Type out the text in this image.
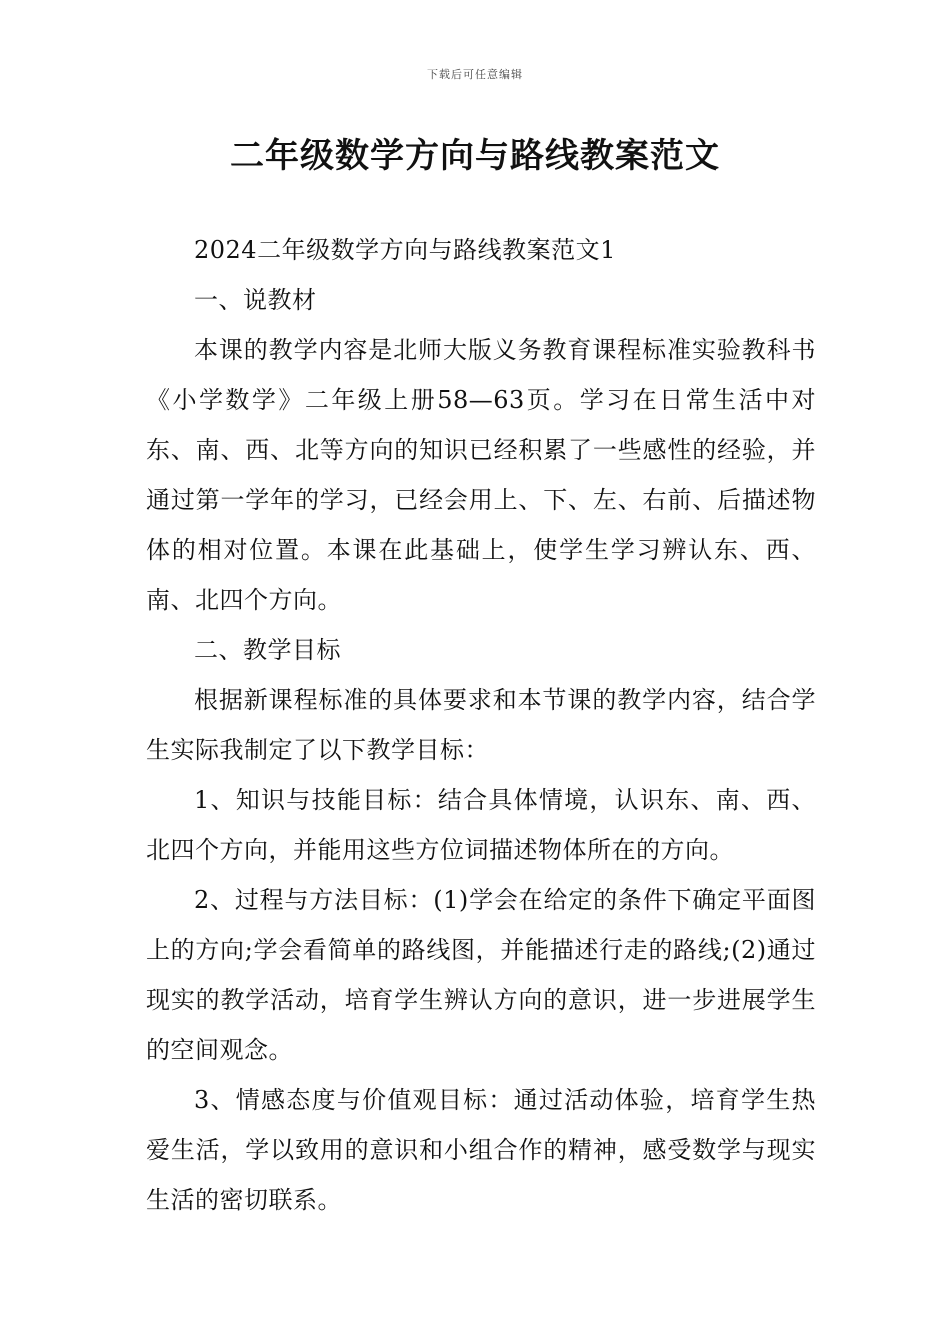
下载后可任意编辑
二年级数学方向与路线教案范文

2024二年级数学方向与路线教案范文1

一、说教材

本课的教学内容是北师大版义务教育课程标准实验教科书《小学数学》二年级上册58—63页。学习在日常生活中对东、南、西、北等方向的知识已经积累了一些感性的经验，并通过第一学年的学习，已经会用上、下、左、右前、后描述物体的相对位置。本课在此基础上，使学生学习辨认东、西、南、北四个方向。

二、教学目标

根据新课程标准的具体要求和本节课的教学内容，结合学生实际我制定了以下教学目标：

1、知识与技能目标：结合具体情境，认识东、南、西、北四个方向，并能用这些方位词描述物体所在的方向。

2、过程与方法目标：(1)学会在给定的条件下确定平面图上的方向;学会看简单的路线图，并能描述行走的路线;(2)通过现实的教学活动，培育学生辨认方向的意识，进一步进展学生的空间观念。

3、情感态度与价值观目标：通过活动体验，培育学生热爱生活，学以致用的意识和小组合作的精神，感受数学与现实生活的密切联系。
